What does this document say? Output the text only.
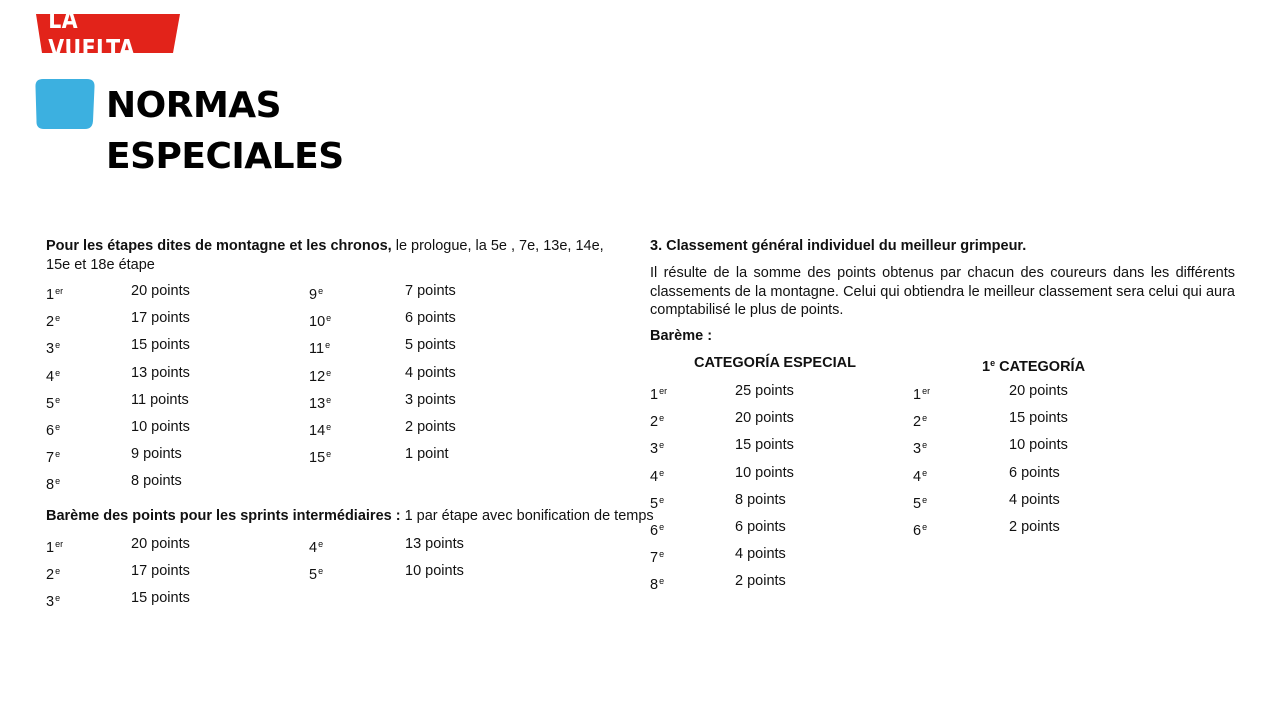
LA VUELTA
NORMAS
ESPECIALES

Pour les étapes dites de montagne et les chronos, le prologue, la 5e , 7e, 13e, 14e, 15e et 18e étape

1er	20 points
2e	17 points
3e	15 points
4e	13 points
5e	11 points
6e	10 points
7e	9 points
8e	8 points
9e	7 points
10e	6 points
11e	5 points
12e	4 points
13e	3 points
14e	2 points
15e	1 point
Barème des points pour les sprints intermédiaires : 1 par étape avec bonification de temps
1er	20 points
2e	17 points
3e	15 points
4e	13 points
5e	10 points
3. Classement général individuel du meilleur grimpeur.

Il résulte de la somme des points obtenus par chacun des coureurs dans les différents classements de la montagne. Celui qui obtiendra le meilleur classement sera celui qui aura comptabilisé le plus de points.

Barème :
CATEGORÍA ESPECIAL	1e CATEGORÍA
1er	25 points
2e	20 points
3e	15 points
4e	10 points
5e	8 points
6e	6 points
7e	4 points
8e	2 points
1er	20 points
2e	15 points
3e	10 points
4e	6 points
5e	4 points
6e	2 points
